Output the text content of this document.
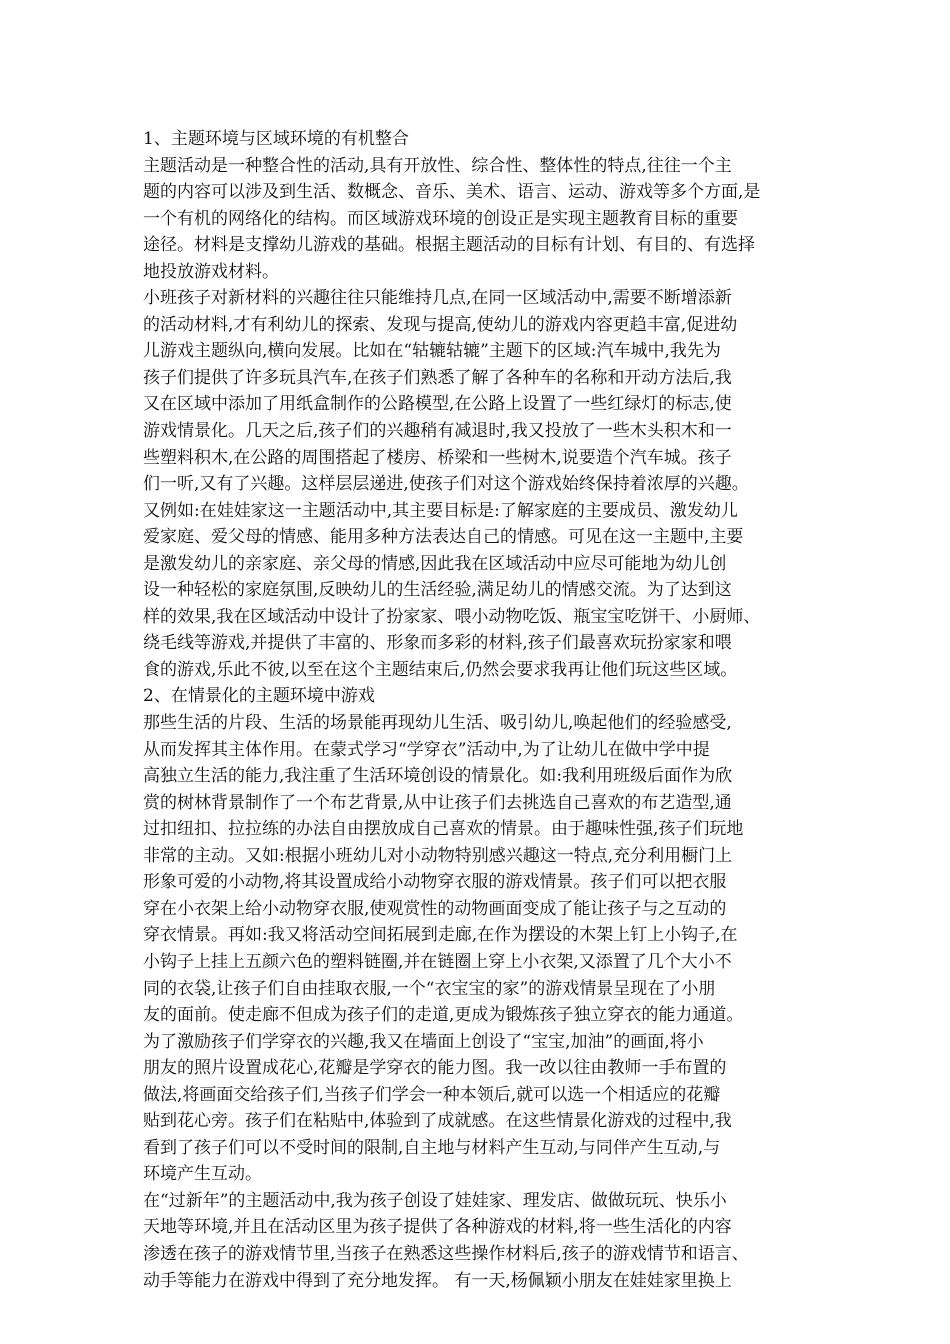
1、主题环境与区域环境的有机整合
主题活动是一种整合性的活动,具有开放性、综合性、整体性的特点,往往一个主
题的内容可以涉及到生活、数概念、音乐、美术、语言、运动、游戏等多个方面,是
一个有机的网络化的结构。而区域游戏环境的创设正是实现主题教育目标的重要
途径。材料是支撑幼儿游戏的基础。根据主题活动的目标有计划、有目的、有选择
地投放游戏材料。
小班孩子对新材料的兴趣往往只能维持几点,在同一区域活动中,需要不断增添新
的活动材料,才有利幼儿的探索、发现与提高,使幼儿的游戏内容更趋丰富,促进幼
儿游戏主题纵向,横向发展。比如在“轱辘轱辘”主题下的区域:汽车城中,我先为
孩子们提供了许多玩具汽车,在孩子们熟悉了解了各种车的名称和开动方法后,我
又在区域中添加了用纸盒制作的公路模型,在公路上设置了一些红绿灯的标志,使
游戏情景化。几天之后,孩子们的兴趣稍有减退时,我又投放了一些木头积木和一
些塑料积木,在公路的周围搭起了楼房、桥梁和一些树木,说要造个汽车城。孩子
们一听,又有了兴趣。这样层层递进,使孩子们对这个游戏始终保持着浓厚的兴趣。
又例如:在娃娃家这一主题活动中,其主要目标是:了解家庭的主要成员、激发幼儿
爱家庭、爱父母的情感、能用多种方法表达自己的情感。可见在这一主题中,主要
是激发幼儿的亲家庭、亲父母的情感,因此我在区域活动中应尽可能地为幼儿创
设一种轻松的家庭氛围,反映幼儿的生活经验,满足幼儿的情感交流。为了达到这
样的效果,我在区域活动中设计了扮家家、喂小动物吃饭、瓶宝宝吃饼干、小厨师、
绕毛线等游戏,并提供了丰富的、形象而多彩的材料,孩子们最喜欢玩扮家家和喂
食的游戏,乐此不彼,以至在这个主题结束后,仍然会要求我再让他们玩这些区域。
2、在情景化的主题环境中游戏
那些生活的片段、生活的场景能再现幼儿生活、吸引幼儿,唤起他们的经验感受,
从而发挥其主体作用。在蒙式学习“学穿衣”活动中,为了让幼儿在做中学中提
高独立生活的能力,我注重了生活环境创设的情景化。如:我利用班级后面作为欣
赏的树林背景制作了一个布艺背景,从中让孩子们去挑选自己喜欢的布艺造型,通
过扣纽扣、拉拉练的办法自由摆放成自己喜欢的情景。由于趣味性强,孩子们玩地
非常的主动。又如:根据小班幼儿对小动物特别感兴趣这一特点,充分利用橱门上
形象可爱的小动物,将其设置成给小动物穿衣服的游戏情景。孩子们可以把衣服
穿在小衣架上给小动物穿衣服,使观赏性的动物画面变成了能让孩子与之互动的
穿衣情景。再如:我又将活动空间拓展到走廊,在作为摆设的木架上钉上小钩子,在
小钩子上挂上五颜六色的塑料链圈,并在链圈上穿上小衣架,又添置了几个大小不
同的衣袋,让孩子们自由挂取衣服,一个“衣宝宝的家”的游戏情景呈现在了小朋
友的面前。使走廊不但成为孩子们的走道,更成为锻炼孩子独立穿衣的能力通道。
为了激励孩子们学穿衣的兴趣,我又在墙面上创设了“宝宝,加油”的画面,将小
朋友的照片设置成花心,花瓣是学穿衣的能力图。我一改以往由教师一手布置的
做法,将画面交给孩子们,当孩子们学会一种本领后,就可以选一个相适应的花瓣
贴到花心旁。孩子们在粘贴中,体验到了成就感。在这些情景化游戏的过程中,我
看到了孩子们可以不受时间的限制,自主地与材料产生互动,与同伴产生互动,与
环境产生互动。
在“过新年”的主题活动中,我为孩子创设了娃娃家、理发店、做做玩玩、快乐小
天地等环境,并且在活动区里为孩子提供了各种游戏的材料,将一些生活化的内容
渗透在孩子的游戏情节里,当孩子在熟悉这些操作材料后,孩子的游戏情节和语言、
动手等能力在游戏中得到了充分地发挥。 有一天,杨佩颖小朋友在娃娃家里换上
